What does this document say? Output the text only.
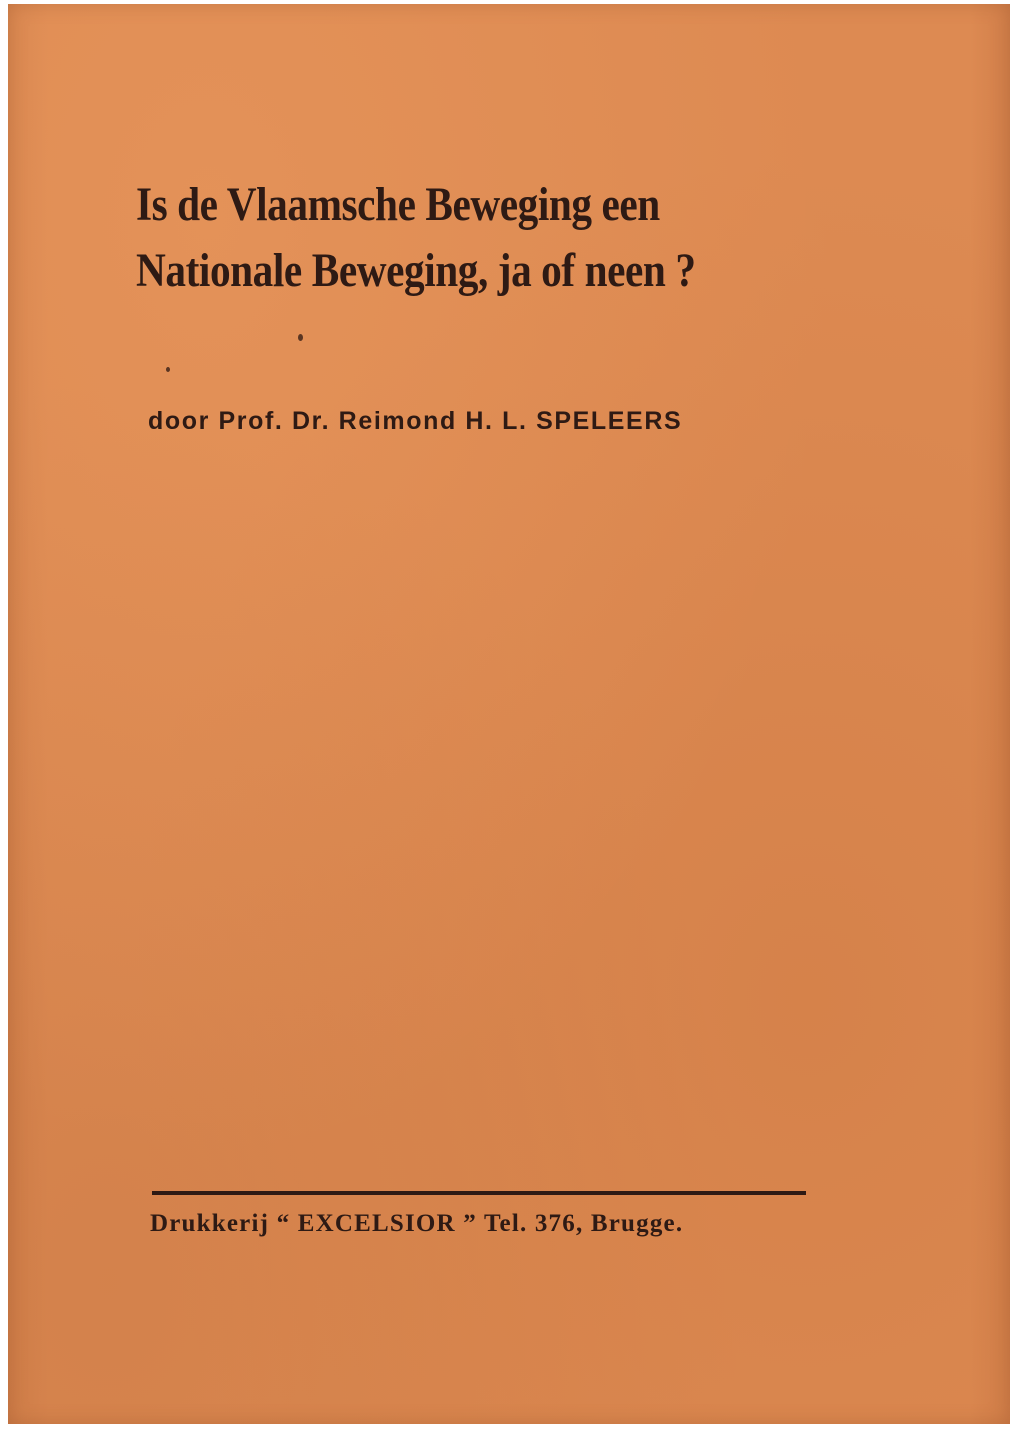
Is de Vlaamsche Beweging een
Nationale Beweging, ja of neen ?

door Prof. Dr. Reimond H. L. SPELEERS

Drukkerij “ EXCELSIOR ” Tel. 376, Brugge.
